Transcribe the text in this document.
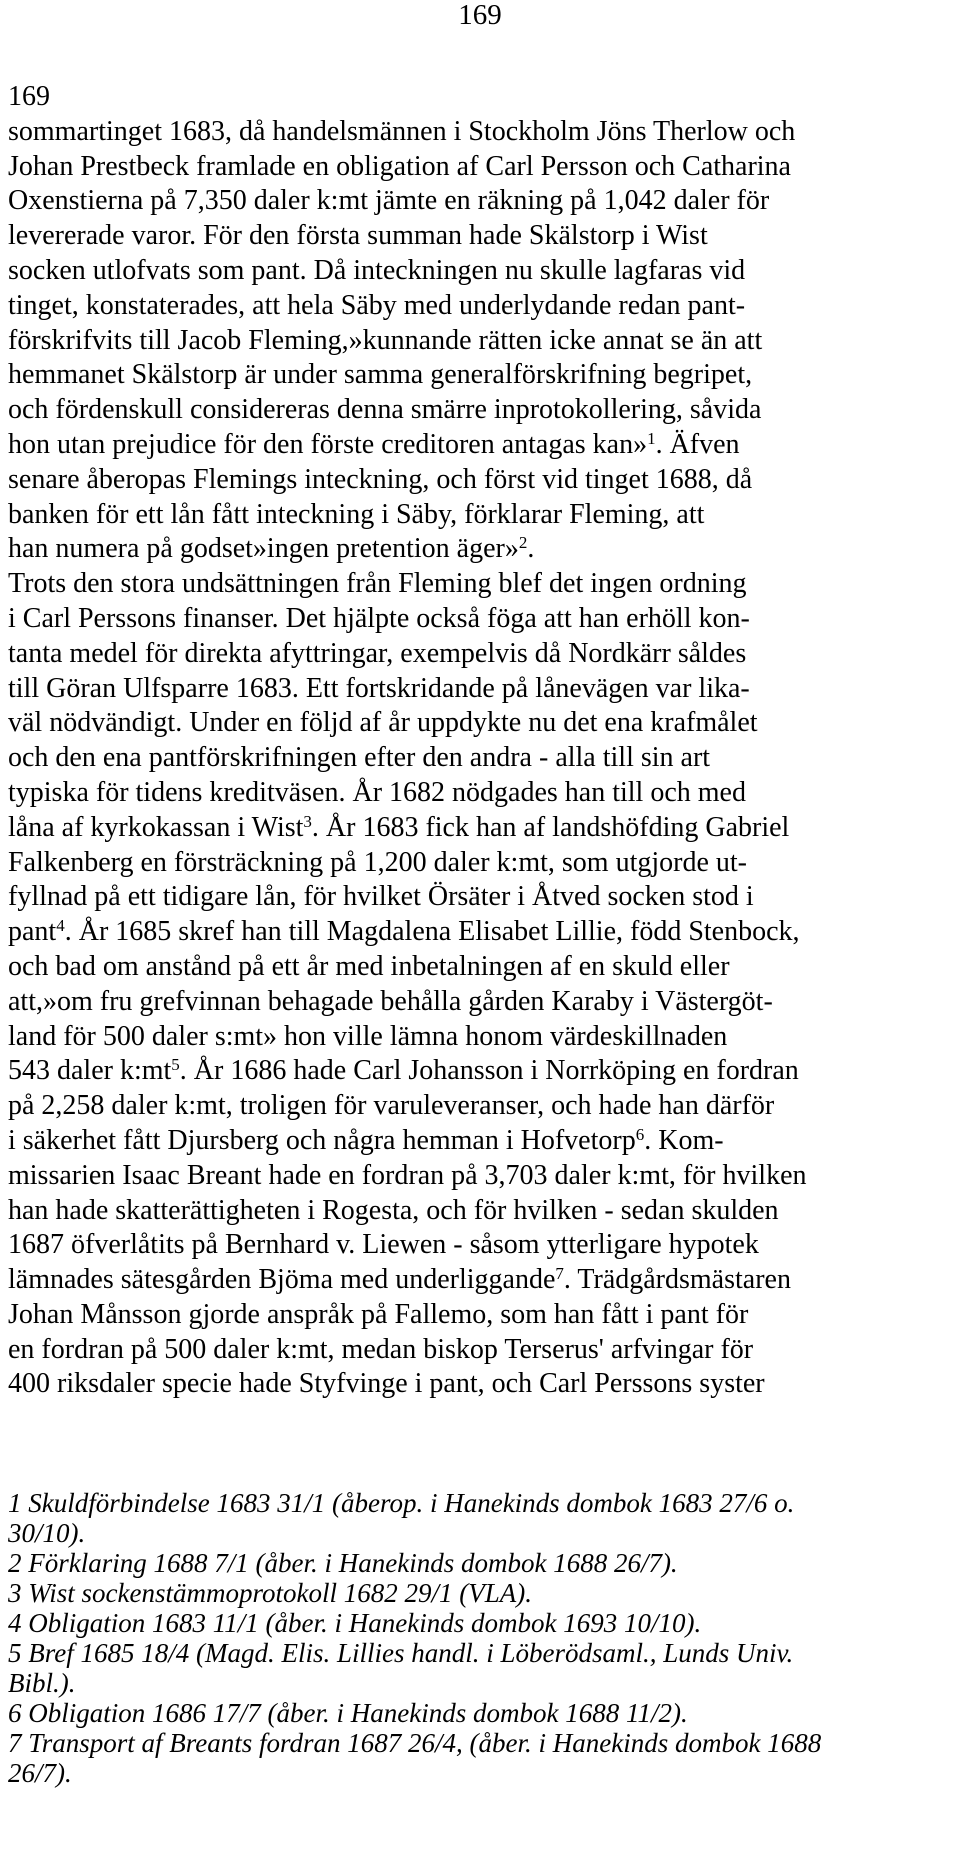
169
169
sommartinget 1683, då handelsmännen i Stockholm Jöns Therlow och
Johan Prestbeck framlade en obligation af Carl Persson och Catharina
Oxenstierna på 7,350 daler k:mt jämte en räkning på 1,042 daler för
levererade varor. För den första summan hade Skälstorp i Wist
socken utlofvats som pant. Då inteckningen nu skulle lagfaras vid
tinget, konstaterades, att hela Säby med underlydande redan pant-
förskrifvits till Jacob Fleming,»kunnande rätten icke annat se än att
hemmanet Skälstorp är under samma generalförskrifning begripet,
och fördenskull considereras denna smärre inprotokollering, såvida
hon utan prejudice för den förste creditoren antagas kan»$^1$. Äfven
senare åberopas Flemings inteckning, och först vid tinget 1688, då
banken för ett lån fått inteckning i Säby, förklarar Fleming, att
han numera på godset»ingen pretention äger»$^2$.
Trots den stora undsättningen från Fleming blef det ingen ordning
i Carl Perssons finanser. Det hjälpte också föga att han erhöll kon-
tanta medel för direkta afyttringar, exempelvis då Nordkärr såldes
till Göran Ulfsparre 1683. Ett fortskridande på lånevägen var lika-
väl nödvändigt. Under en följd af år uppdykte nu det ena krafmålet
och den ena pantförskrifningen efter den andra - alla till sin art
typiska för tidens kreditväsen. År 1682 nödgades han till och med
låna af kyrkokassan i Wist$^3$. År 1683 fick han af landshöfding Gabriel
Falkenberg en försträckning på 1,200 daler k:mt, som utgjorde ut-
fyllnad på ett tidigare lån, för hvilket Örsäter i Åtved socken stod i
pant$^4$. År 1685 skref han till Magdalena Elisabet Lillie, född Stenbock,
och bad om anstånd på ett år med inbetalningen af en skuld eller
att,»om fru grefvinnan behagade behålla gården Karaby i Västergöt-
land för 500 daler s:mt» hon ville lämna honom värdeskillnaden
543 daler $k:mt^5$. År 1686 hade Carl Johansson i Norrköping en fordran
på 2,258 daler k:mt, troligen för varuleveranser, och hade han därför
i säkerhet fått Djursberg och några hemman i Hofvetorp$^6$. Kom-
missarien Isaac Breant hade en fordran på 3,703 daler k:mt, för hvilken
han hade skatterättigheten i Rogesta, och för hvilken - sedan skulden
1687 öfverlåtits på Bernhard v. Liewen - såsom ytterligare hypotek
lämnades sätesgården Bjöma med underliggande$^7$. Trädgårdsmästaren
Johan Månsson gjorde anspråk på Fallemo, som han fått i pant för
en fordran på 500 daler k:mt, medan biskop Terserus' arfvingar för
400 riksdaler specie hade Styfvinge i pant, och Carl Perssons syster
1 Skuldförbindelse 1683 31/1 (åberop. i Hanekinds dombok 1683 27/6 o.
30/10).
2 Förklaring 1688 7/1 (åber. i Hanekinds dombok 1688 26/7).
3 Wist sockenstämmoprotokoll 1682 29/1 (VLA).
4 Obligation 1683 11/1 (åber. i Hanekinds dombok 1693 10/10).
5 Bref 1685 18/4 (Magd. Elis. Lillies handl. i Löberödsaml., Lunds Univ.
Bibl.).
6 Obligation 1686 17/7 (åber. i Hanekinds dombok 1688 11/2).
7 Transport af Breants fordran 1687 26/4, (åber. i Hanekinds dombok 1688
26/7).
